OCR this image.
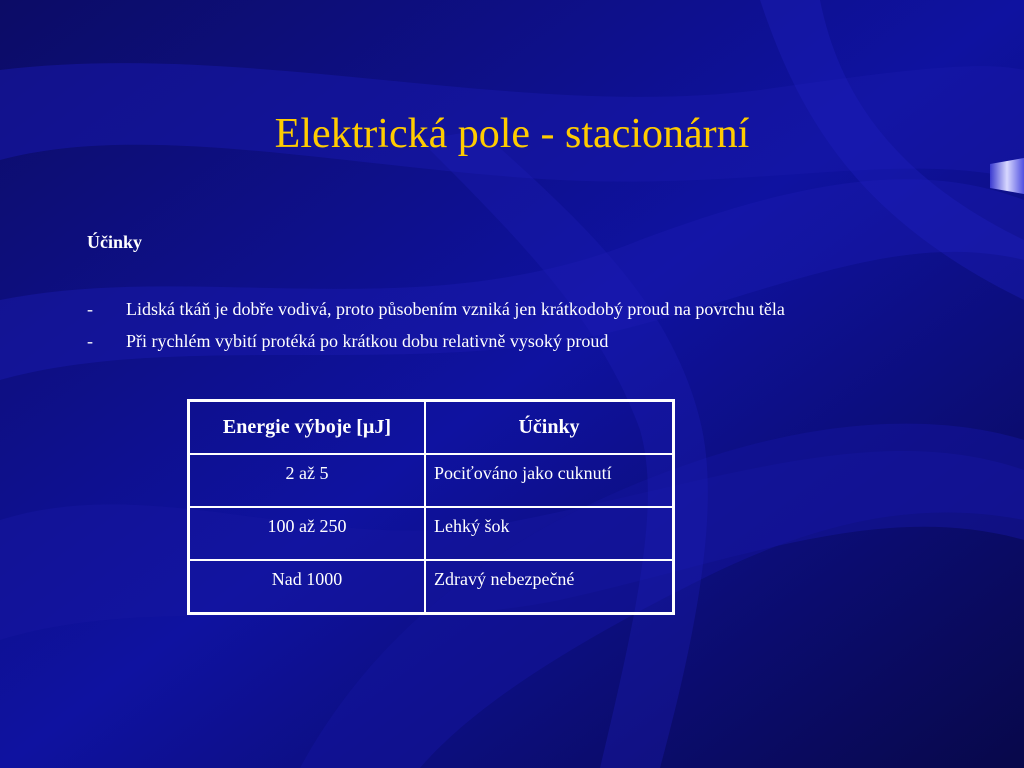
Elektrická pole - stacionární
Účinky
- Lidská tkáň je dobře vodivá, proto působením vzniká jen krátkodobý proud na povrchu těla
- Při rychlém vybití protéká po krátkou dobu relativně vysoký proud
Energie výboje [µJ]	Účinky
2 až 5	Pociťováno jako cuknutí
100 až 250	Lehký šok
Nad 1000	Zdravý nebezpečné
